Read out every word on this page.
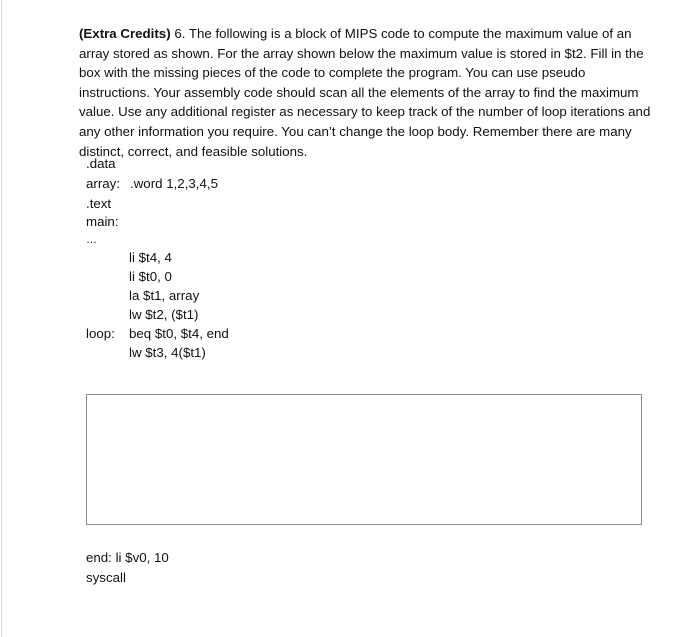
(Extra Credits) 6. The following is a block of MIPS code to compute the maximum value of an array stored as shown. For the array shown below the maximum value is stored in $t2. Fill in the box with the missing pieces of the code to complete the program. You can use pseudo instructions. Your assembly code should scan all the elements of the array to find the maximum value. Use any additional register as necessary to keep track of the number of loop iterations and any other information you require. You can’t change the loop body. Remember there are many distinct, correct, and feasible solutions.

.data
array: .word 1,2,3,4,5
.text
main:
…
li $t4, 4
li $t0, 0
la $t1, array
lw $t2, ($t1)
loop: beq $t0, $t4, end
lw $t3, 4($t1)
end: li $v0, 10
syscall
